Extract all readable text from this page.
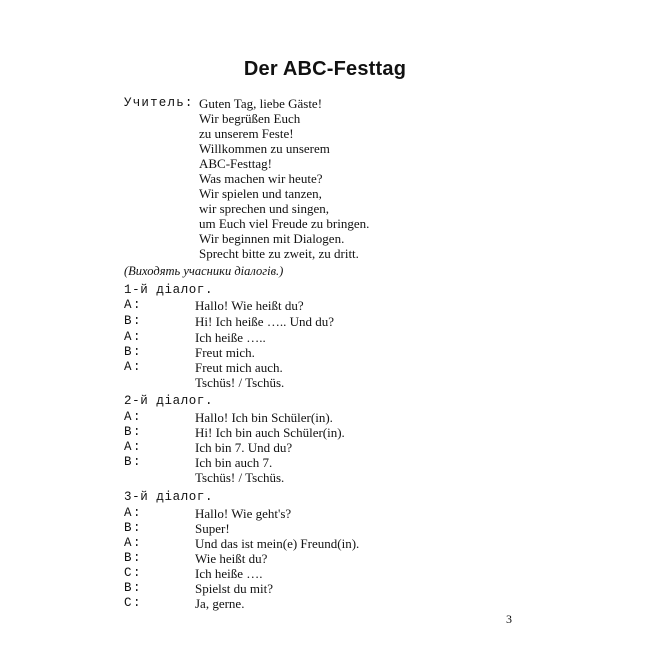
Der ABC-Festtag
Учитель: Guten Tag, liebe Gäste!
Wir begrüßen Euch
zu unserem Feste!
Willkommen zu unserem
ABC-Festtag!
Was machen wir heute?
Wir spielen und tanzen,
wir sprechen und singen,
um Euch viel Freude zu bringen.
Wir beginnen mit Dialogen.
Sprecht bitte zu zweit, zu dritt.
(Виходять учасники діалогів.)
1-й діалог.
A:	Hallo! Wie heißt du?
B:	Hi! Ich heiße ….. Und du?
A:	Ich heiße …..
B:	Freut mich.
A:	Freut mich auch.
Tschüs! / Tschüs.
2-й діалог.
A:	Hallo! Ich bin Schüler(in).
B:	Hi! Ich bin auch Schüler(in).
A:	Ich bin 7. Und du?
B:	Ich bin auch 7.
Tschüs! / Tschüs.
3-й діалог.
A:	Hallo! Wie geht's?
B:	Super!
A:	Und das ist mein(e) Freund(in).
B:	Wie heißt du?
C:	Ich heiße ….
B:	Spielst du mit?
C:	Ja, gerne.
3
